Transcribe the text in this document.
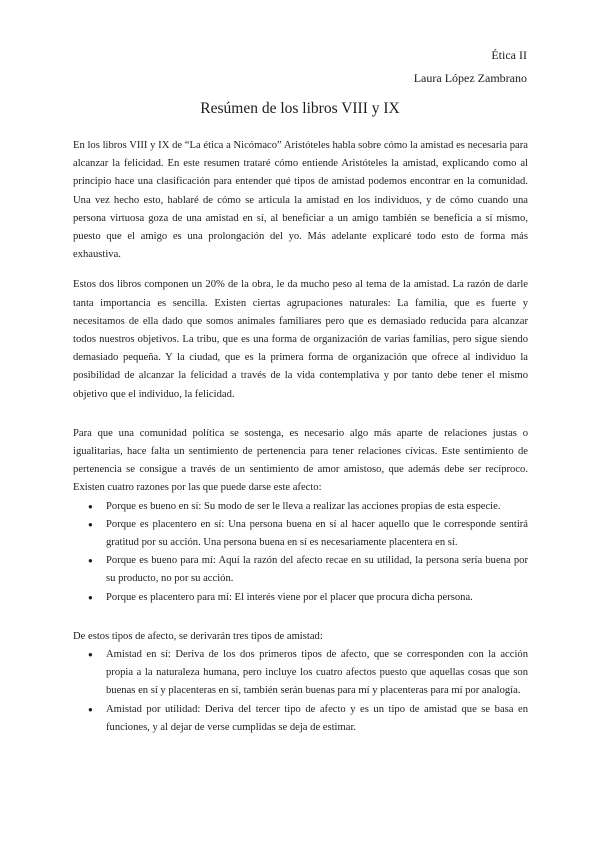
Ética II
Laura López Zambrano
Resúmen de los libros VIII y IX

En los libros VIII y IX de “La ética a Nicómaco” Aristóteles habla sobre cómo la amistad es necesaria para alcanzar la felicidad. En este resumen trataré cómo entiende Aristóteles la amistad, explicando como al principio hace una clasificación para entender qué tipos de amistad podemos encontrar en la comunidad. Una vez hecho esto, hablaré de cómo se articula la amistad en los individuos, y de cómo cuando una persona virtuosa goza de una amistad en sí, al beneficiar a un amigo también se beneficia a sí mismo, puesto que el amigo es una prolongación del yo. Más adelante explicaré todo esto de forma más exhaustiva.

Estos dos libros componen un 20% de la obra, le da mucho peso al tema de la amistad. La razón de darle tanta importancia es sencilla. Existen ciertas agrupaciones naturales: La familia, que es fuerte y necesitamos de ella dado que somos animales familiares pero que es demasiado reducida para alcanzar todos nuestros objetivos. La tribu, que es una forma de organización de varias familias, pero sigue siendo demasiado pequeña. Y la ciudad, que es la primera forma de organización que ofrece al individuo la posibilidad de alcanzar la felicidad a través de la vida contemplativa y por tanto debe tener el mismo objetivo que el individuo, la felicidad.

Para que una comunidad política se sostenga, es necesario algo más aparte de relaciones justas o igualitarias, hace falta un sentimiento de pertenencia para tener relaciones cívicas. Este sentimiento de pertenencia se consigue a través de un sentimiento de amor amistoso, que además debe ser recíproco. Existen cuatro razones por las que puede darse este afecto:

● Porque es bueno en sí: Su modo de ser le lleva a realizar las acciones propias de esta especie.
● Porque es placentero en sí: Una persona buena en sí al hacer aquello que le corresponde sentirá gratitud por su acción. Una persona buena en sí es necesariamente placentera en sí.
● Porque es bueno para mí: Aquí la razón del afecto recae en su utilidad, la persona sería buena por su producto, no por su acción.
● Porque es placentero para mí: El interés viene por el placer que procura dicha persona.

De estos tipos de afecto, se derivarán tres tipos de amistad:

● Amistad en sí: Deriva de los dos primeros tipos de afecto, que se corresponden con la acción propia a la naturaleza humana, pero incluye los cuatro afectos puesto que aquellas cosas que son buenas en sí y placenteras en sí, también serán buenas para mí y placenteras para mí por analogía.
● Amistad por utilidad: Deriva del tercer tipo de afecto y es un tipo de amistad que se basa en funciones, y al dejar de verse cumplidas se deja de estimar.
